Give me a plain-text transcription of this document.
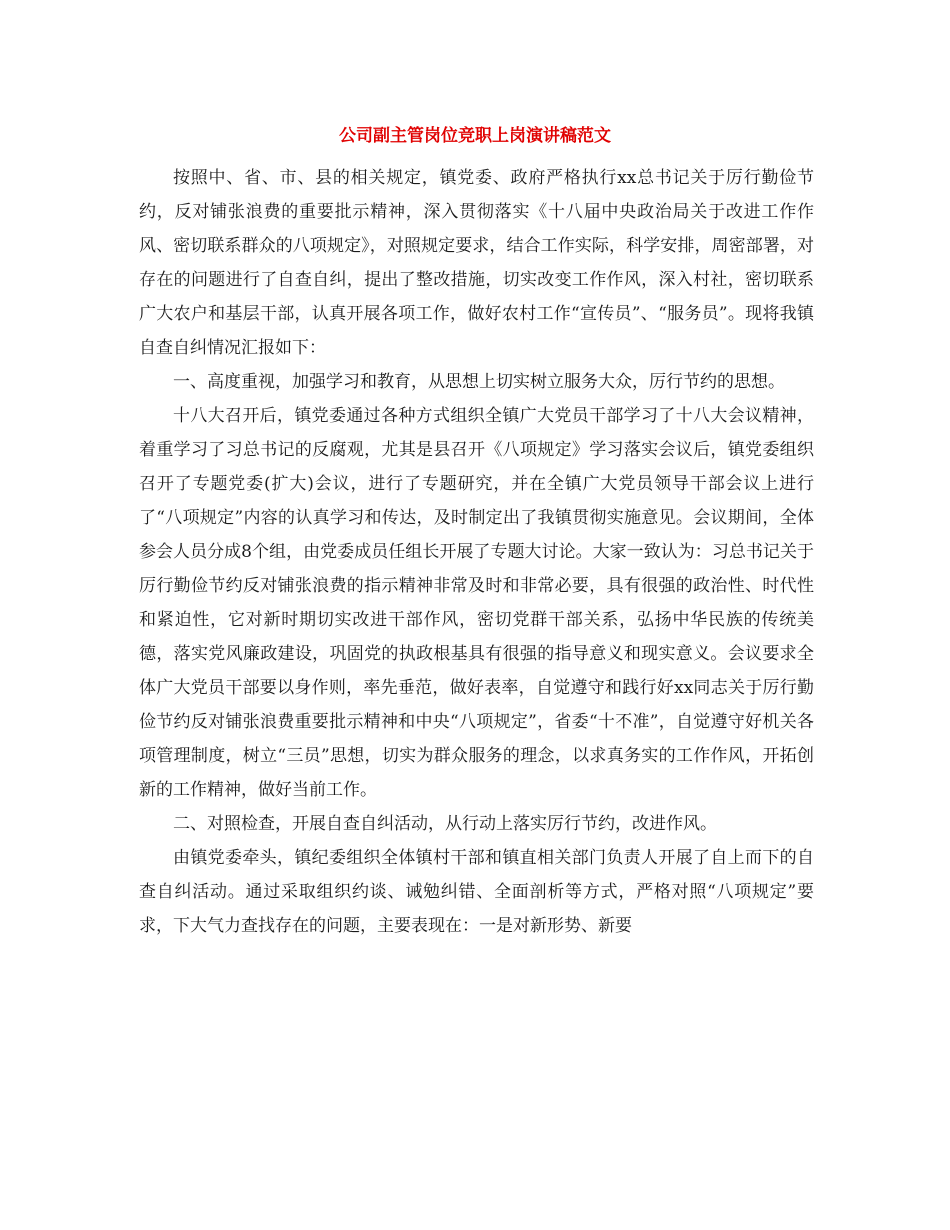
公司副主管岗位竞职上岗演讲稿范文

按照中、省、市、县的相关规定，镇党委、政府严格执行xx总书记关于厉行勤俭节约，反对铺张浪费的重要批示精神，深入贯彻落实《十八届中央政治局关于改进工作作风、密切联系群众的八项规定》，对照规定要求，结合工作实际，科学安排，周密部署，对存在的问题进行了自查自纠，提出了整改措施，切实改变工作作风，深入村社，密切联系广大农户和基层干部，认真开展各项工作，做好农村工作“宣传员”、“服务员”。现将我镇自查自纠情况汇报如下：

一、高度重视，加强学习和教育，从思想上切实树立服务大众，厉行节约的思想。

十八大召开后，镇党委通过各种方式组织全镇广大党员干部学习了十八大会议精神，着重学习了习总书记的反腐观，尤其是县召开《八项规定》学习落实会议后，镇党委组织召开了专题党委(扩大)会议，进行了专题研究，并在全镇广大党员领导干部会议上进行了“八项规定”内容的认真学习和传达，及时制定出了我镇贯彻实施意见。会议期间，全体参会人员分成8个组，由党委成员任组长开展了专题大讨论。大家一致认为：习总书记关于厉行勤俭节约反对铺张浪费的指示精神非常及时和非常必要，具有很强的政治性、时代性和紧迫性，它对新时期切实改进干部作风，密切党群干部关系，弘扬中华民族的传统美德，落实党风廉政建设，巩固党的执政根基具有很强的指导意义和现实意义。会议要求全体广大党员干部要以身作则，率先垂范，做好表率，自觉遵守和践行好xx同志关于厉行勤俭节约反对铺张浪费重要批示精神和中央“八项规定”，省委“十不准”，自觉遵守好机关各项管理制度，树立“三员”思想，切实为群众服务的理念，以求真务实的工作作风，开拓创新的工作精神，做好当前工作。

二、对照检查，开展自查自纠活动，从行动上落实厉行节约，改进作风。

由镇党委牵头，镇纪委组织全体镇村干部和镇直相关部门负责人开展了自上而下的自查自纠活动。通过采取组织约谈、诫勉纠错、全面剖析等方式，严格对照“八项规定”要求，下大气力查找存在的问题，主要表现在：一是对新形势、新要
